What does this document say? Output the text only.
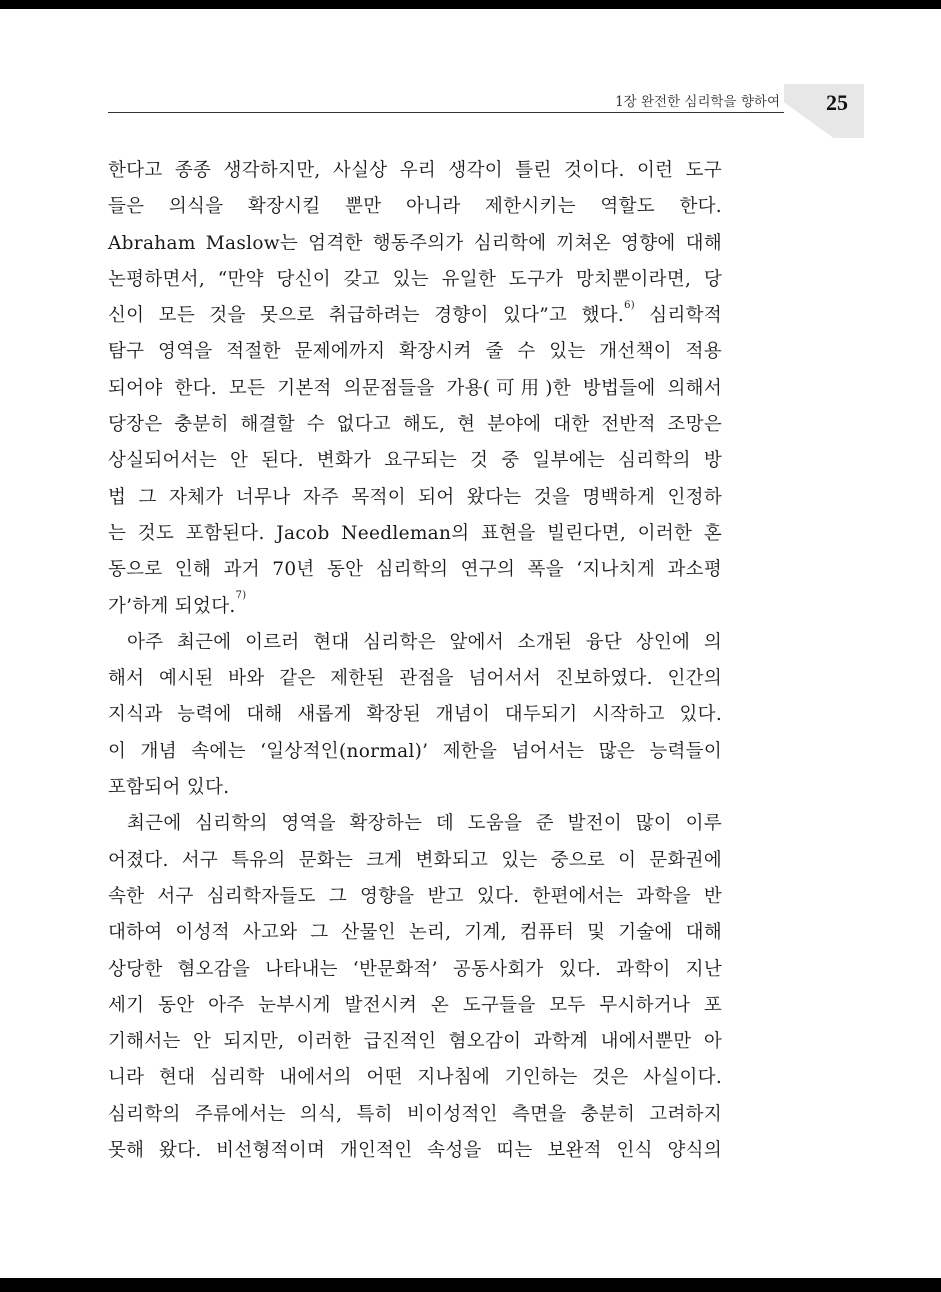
1장 완전한 심리학을 향하여	25
한다고 종종 생각하지만, 사실상 우리 생각이 틀린 것이다. 이런 도구
들은 의식을 확장시킬 뿐만 아니라 제한시키는 역할도 한다.
Abraham Maslow는 엄격한 행동주의가 심리학에 끼쳐온 영향에 대해
논평하면서, “만약 당신이 갖고 있는 유일한 도구가 망치뿐이라면, 당
신이 모든 것을 못으로 취급하려는 경향이 있다”고 했다.$^{6)}$ 심리학적
탐구 영역을 적절한 문제에까지 확장시켜 줄 수 있는 개선책이 적용
되어야 한다. 모든 기본적 의문점들을 가용(可用)한 방법들에 의해서
당장은 충분히 해결할 수 없다고 해도, 현 분야에 대한 전반적 조망은
상실되어서는 안 된다. 변화가 요구되는 것 중 일부에는 심리학의 방
법 그 자체가 너무나 자주 목적이 되어 왔다는 것을 명백하게 인정하
는 것도 포함된다. Jacob Needleman의 표현을 빌린다면, 이러한 혼
동으로 인해 과거 70년 동안 심리학의 연구의 폭을 ‘지나치게 과소평
가’하게 되었다.$^{7)}$
아주 최근에 이르러 현대 심리학은 앞에서 소개된 융단 상인에 의
해서 예시된 바와 같은 제한된 관점을 넘어서서 진보하였다. 인간의
지식과 능력에 대해 새롭게 확장된 개념이 대두되기 시작하고 있다.
이 개념 속에는 ‘일상적인(normal)’ 제한을 넘어서는 많은 능력들이
포함되어 있다.
최근에 심리학의 영역을 확장하는 데 도움을 준 발전이 많이 이루
어졌다. 서구 특유의 문화는 크게 변화되고 있는 중으로 이 문화권에
속한 서구 심리학자들도 그 영향을 받고 있다. 한편에서는 과학을 반
대하여 이성적 사고와 그 산물인 논리, 기계, 컴퓨터 및 기술에 대해
상당한 혐오감을 나타내는 ‘반문화적’ 공동사회가 있다. 과학이 지난
세기 동안 아주 눈부시게 발전시켜 온 도구들을 모두 무시하거나 포
기해서는 안 되지만, 이러한 급진적인 혐오감이 과학계 내에서뿐만 아
니라 현대 심리학 내에서의 어떤 지나침에 기인하는 것은 사실이다.
심리학의 주류에서는 의식, 특히 비이성적인 측면을 충분히 고려하지
못해 왔다. 비선형적이며 개인적인 속성을 띠는 보완적 인식 양식의
